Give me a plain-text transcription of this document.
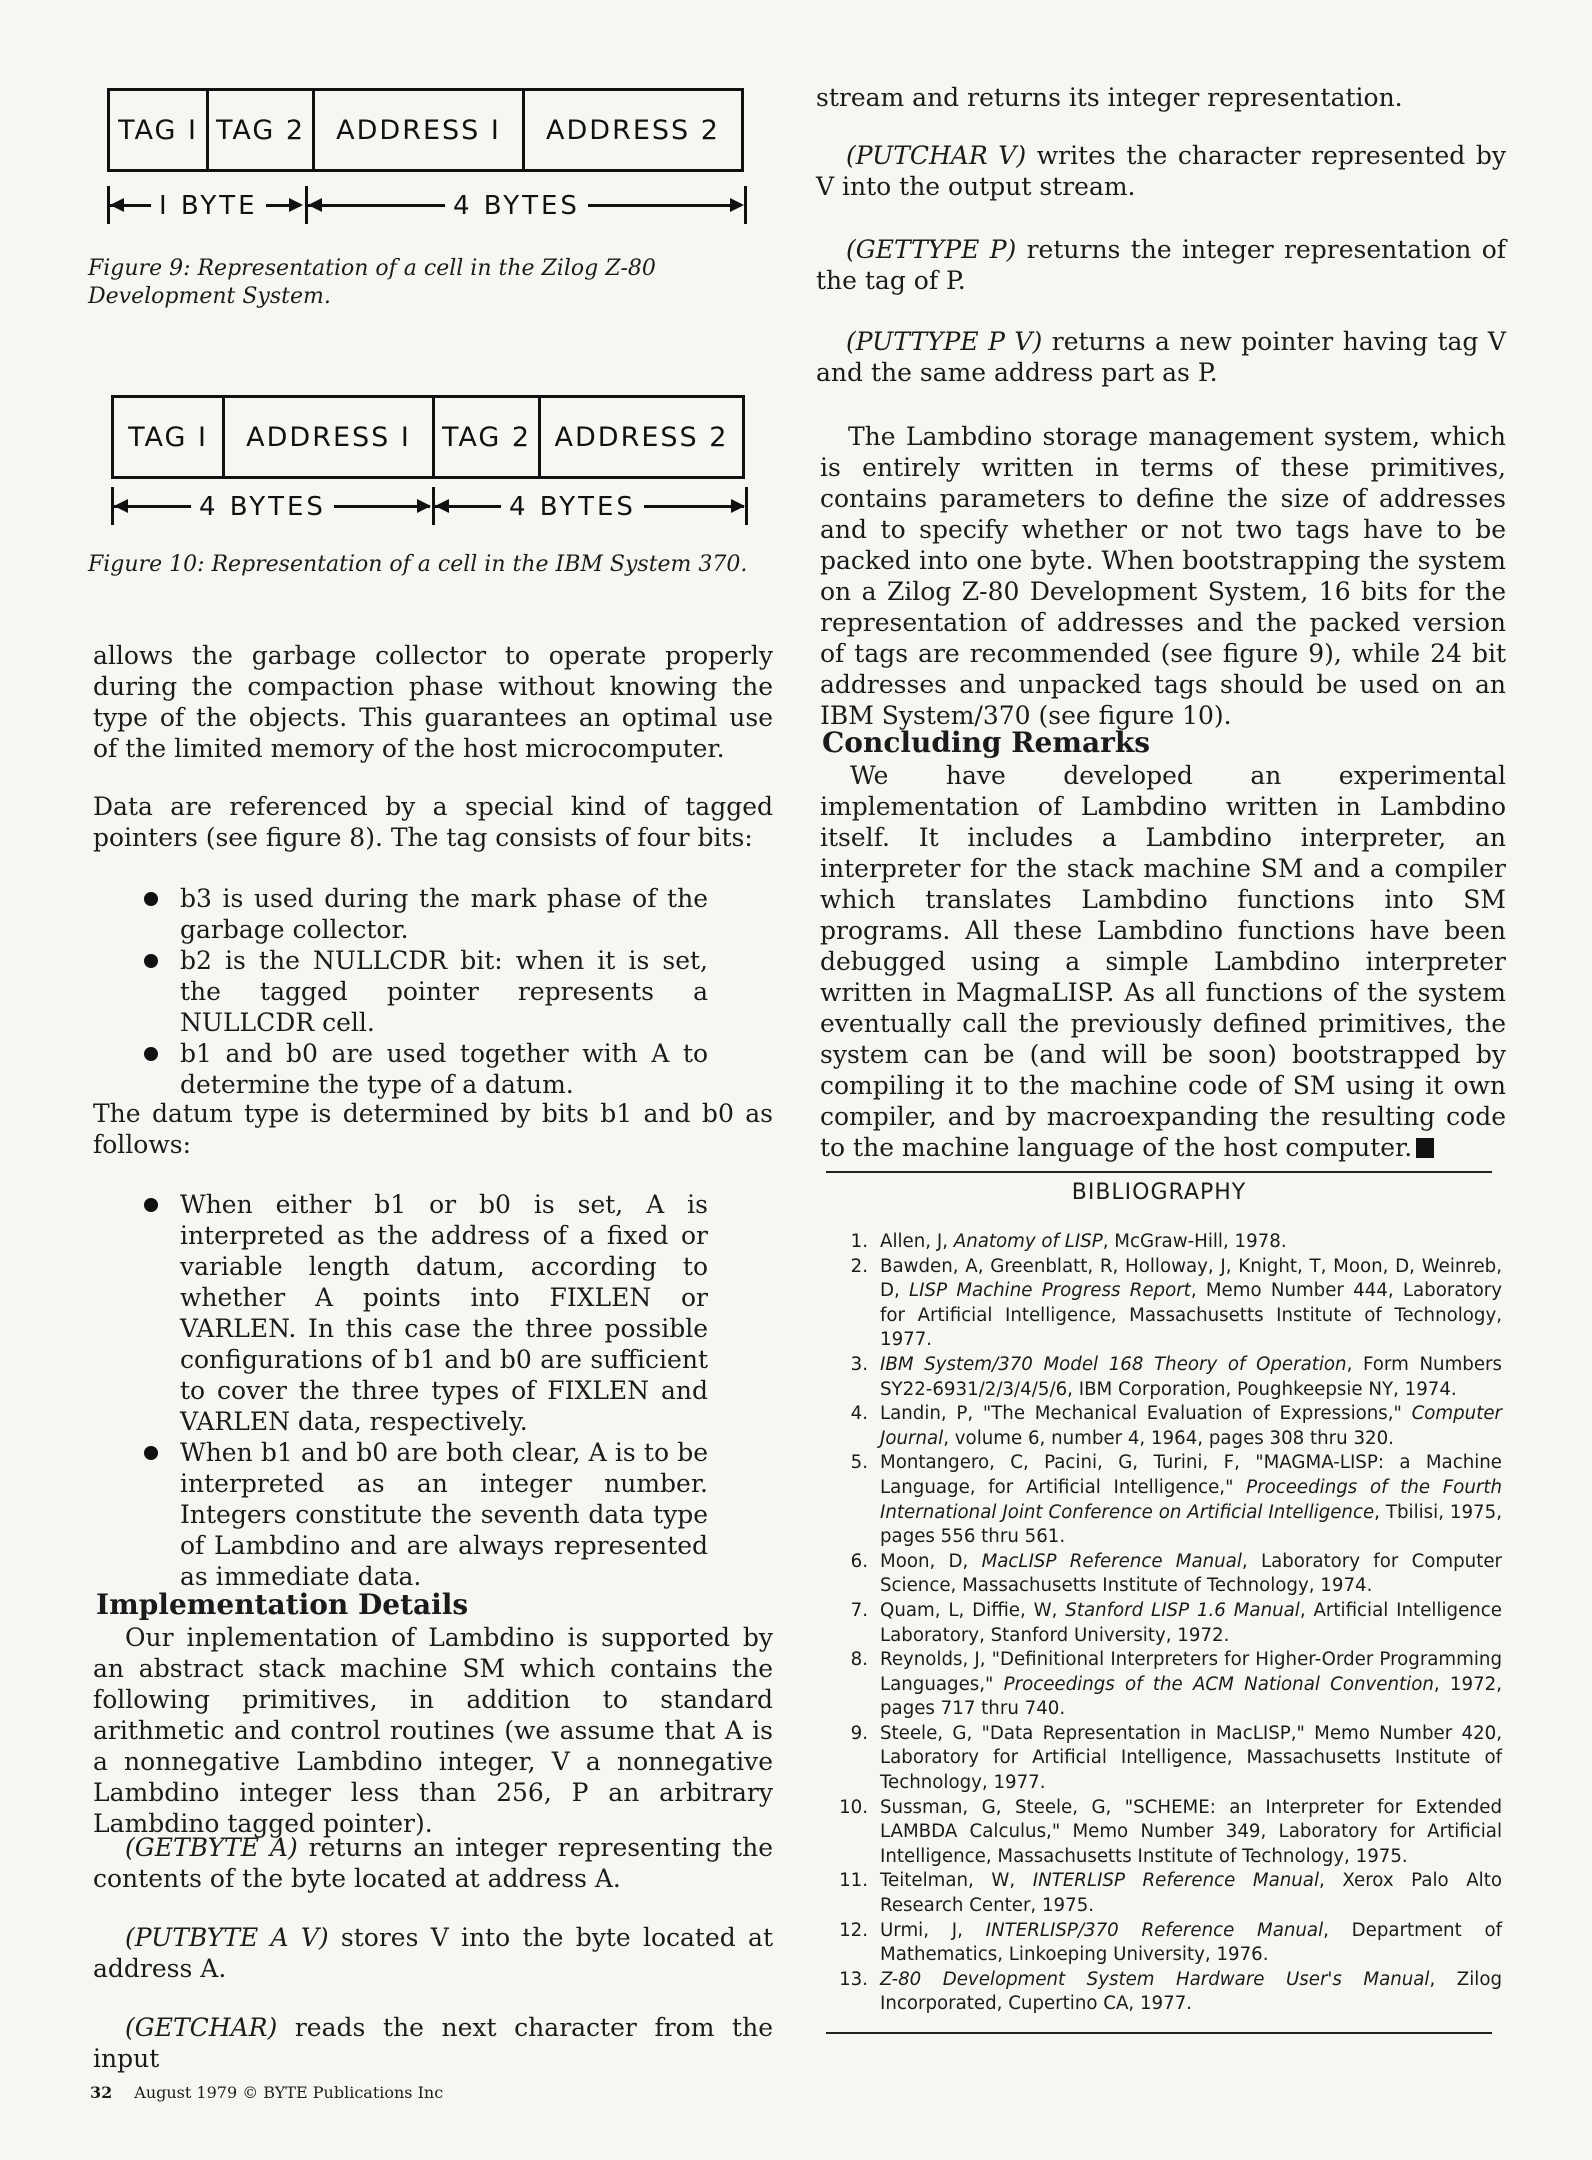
TAG I TAG 2	ADDRESS I	ADDRESS 2
I BYTE	4 BYTES
Figure 9: Representation of a cell in the Zilog Z-80 Development System.
TAG I	ADDRESS I	TAG 2 ADDRESS 2
4 BYTES	4 BYTES
Figure 10: Representation of a cell in the IBM System 370.

allows the garbage collector to operate properly during the compaction phase without knowing the type of the objects. This guarantees an optimal use of the limited memory of the host microcomputer.

Data are referenced by a special kind of tagged pointers (see figure 8). The tag consists of four bits:

b3 is used during the mark phase of the garbage collector.
b2 is the NULLCDR bit: when it is set, the tagged pointer represents a NULLCDR cell.
b1 and b0 are used together with A to determine the type of a datum.

The datum type is determined by bits b1 and b0 as follows:

When either b1 or b0 is set, A is interpreted as the address of a fixed or variable length datum, according to whether A points into FIXLEN or VARLEN. In this case the three possible configurations of b1 and b0 are sufficient to cover the three types of FIXLEN and VARLEN data, respectively.
When b1 and b0 are both clear, A is to be interpreted as an integer number. Integers constitute the seventh data type of Lambdino and are always represented as immediate data.
Implementation Details

Our inplementation of Lambdino is supported by an abstract stack machine SM which contains the following primitives, in addition to standard arithmetic and control routines (we assume that A is a nonnegative Lambdino integer, V a nonnegative Lambdino integer less than 256, P an arbitrary Lambdino tagged pointer).

(GETBYTE A) returns an integer representing the contents of the byte located at address A.

(PUTBYTE A V) stores V into the byte located at address A.

(GETCHAR) reads the next character from the input

stream and returns its integer representation.

(PUTCHAR V) writes the character represented by V into the output stream.

(GETTYPE P) returns the integer representation of the tag of P.

(PUTTYPE P V) returns a new pointer having tag V and the same address part as P.

The Lambdino storage management system, which is entirely written in terms of these primitives, contains parameters to define the size of addresses and to specify whether or not two tags have to be packed into one byte. When bootstrapping the system on a Zilog Z-80 Development System, 16 bits for the representation of addresses and the packed version of tags are recommended (see figure 9), while 24 bit addresses and unpacked tags should be used on an IBM System/370 (see figure 10).

Concluding Remarks

We have developed an experimental implementation of Lambdino written in Lambdino itself. It includes a Lambdino interpreter, an interpreter for the stack machine SM and a compiler which translates Lambdino functions into SM programs. All these Lambdino functions have been debugged using a simple Lambdino interpreter written in MagmaLISP. As all functions of the system eventually call the previously defined primitives, the system can be (and will be soon) bootstrapped by compiling it to the machine code of SM using it own compiler, and by macroexpanding the resulting code to the machine language of the host computer.

BIBLIOGRAPHY
1. Allen, J, Anatomy of LISP, McGraw-Hill, 1978.
2. Bawden, A, Greenblatt, R, Holloway, J, Knight, T, Moon, D, Weinreb, D, LISP Machine Progress Report, Memo Number 444, Laboratory for Artificial Intelligence, Massachusetts Institute of Technology, 1977.
3. IBM System/370 Model 168 Theory of Operation, Form Numbers SY22-6931/2/3/4/5/6, IBM Corporation, Poughkeepsie NY, 1974.
4. Landin, P, "The Mechanical Evaluation of Expressions," Computer Journal, volume 6, number 4, 1964, pages 308 thru 320.
5. Montangero, C, Pacini, G, Turini, F, "MAGMA-LISP: a Machine Language, for Artificial Intelligence," Proceedings of the Fourth International Joint Conference on Artificial Intelligence, Tbilisi, 1975, pages 556 thru 561.
6. Moon, D, MacLISP Reference Manual, Laboratory for Computer Science, Massachusetts Institute of Technology, 1974.
7. Quam, L, Diffie, W, Stanford LISP 1.6 Manual, Artificial Intelligence Laboratory, Stanford University, 1972.
8. Reynolds, J, "Definitional Interpreters for Higher-Order Programming Languages," Proceedings of the ACM National Convention, 1972, pages 717 thru 740.
9. Steele, G, "Data Representation in MacLISP," Memo Number 420, Laboratory for Artificial Intelligence, Massachusetts Institute of Technology, 1977.
10. Sussman, G, Steele, G, "SCHEME: an Interpreter for Extended LAMBDA Calculus," Memo Number 349, Laboratory for Artificial Intelligence, Massachusetts Institute of Technology, 1975.
11. Teitelman, W, INTERLISP Reference Manual, Xerox Palo Alto Research Center, 1975.
12. Urmi, J, INTERLISP/370 Reference Manual, Department of Mathematics, Linkoeping University, 1976.
13. Z-80 Development System Hardware User's Manual, Zilog Incorporated, Cupertino CA, 1977.
32 August 1979 © BYTE Publications Inc
